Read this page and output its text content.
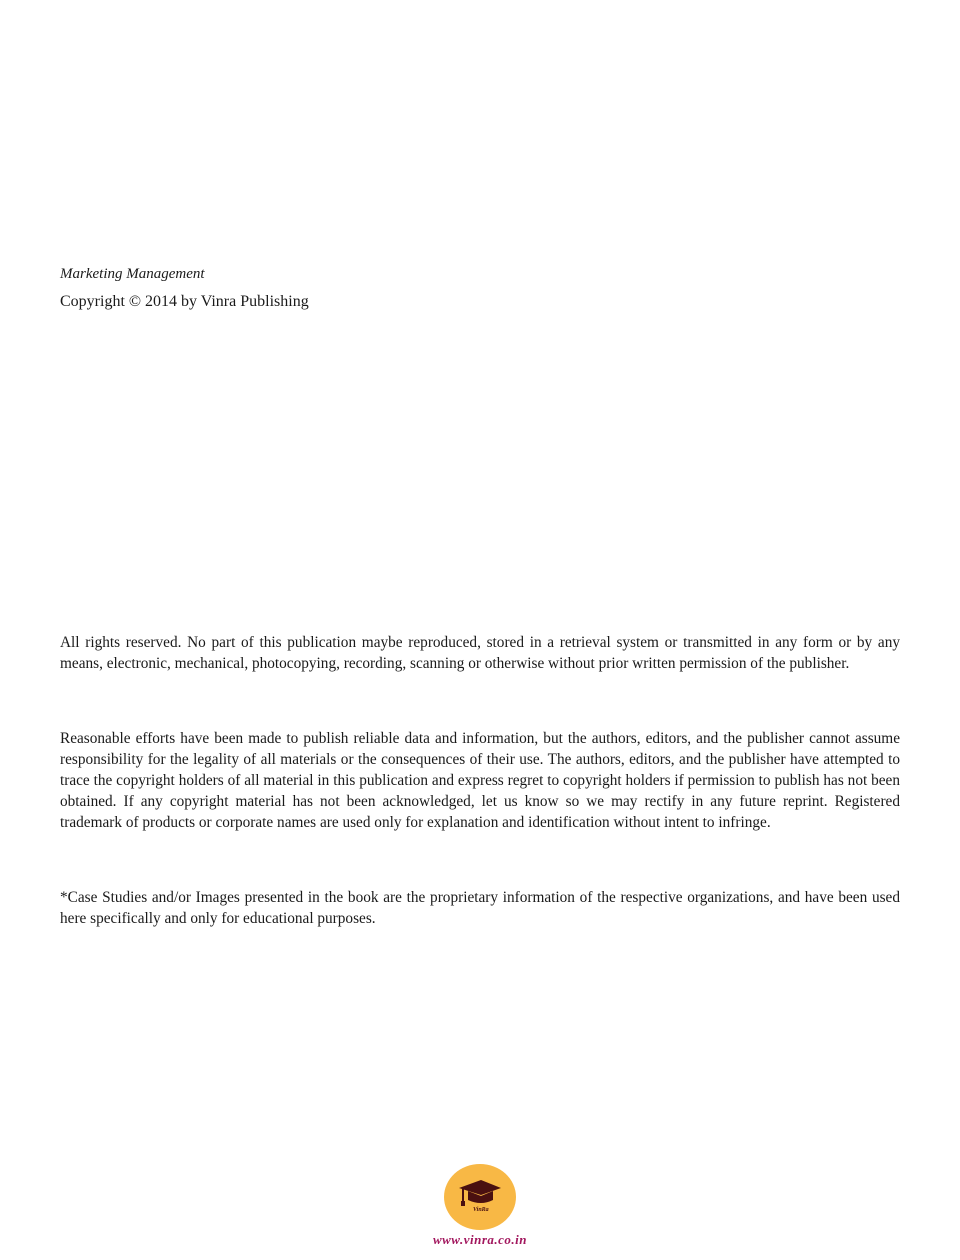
Marketing Management
Copyright © 2014 by Vinra Publishing

All rights reserved. No part of this publication maybe reproduced, stored in a retrieval system or transmitted in any form or by any means, electronic, mechanical, photocopying, recording, scanning or otherwise without prior written permission of the publisher.

Reasonable efforts have been made to publish reliable data and information, but the authors, editors, and the publisher cannot assume responsibility for the legality of all materials or the consequences of their use. The authors, editors, and the publisher have attempted to trace the copyright holders of all material in this publication and express regret to copyright holders if permission to publish has not been obtained. If any copyright material has not been acknowledged, let us know so we may rectify in any future reprint. Registered trademark of products or corporate names are used only for explanation and identification without intent to infringe.

*Case Studies and/or Images presented in the book are the proprietary information of the respective organizations, and have been used here specifically and only for educational purposes.

VinRa
www.vinra.co.in
